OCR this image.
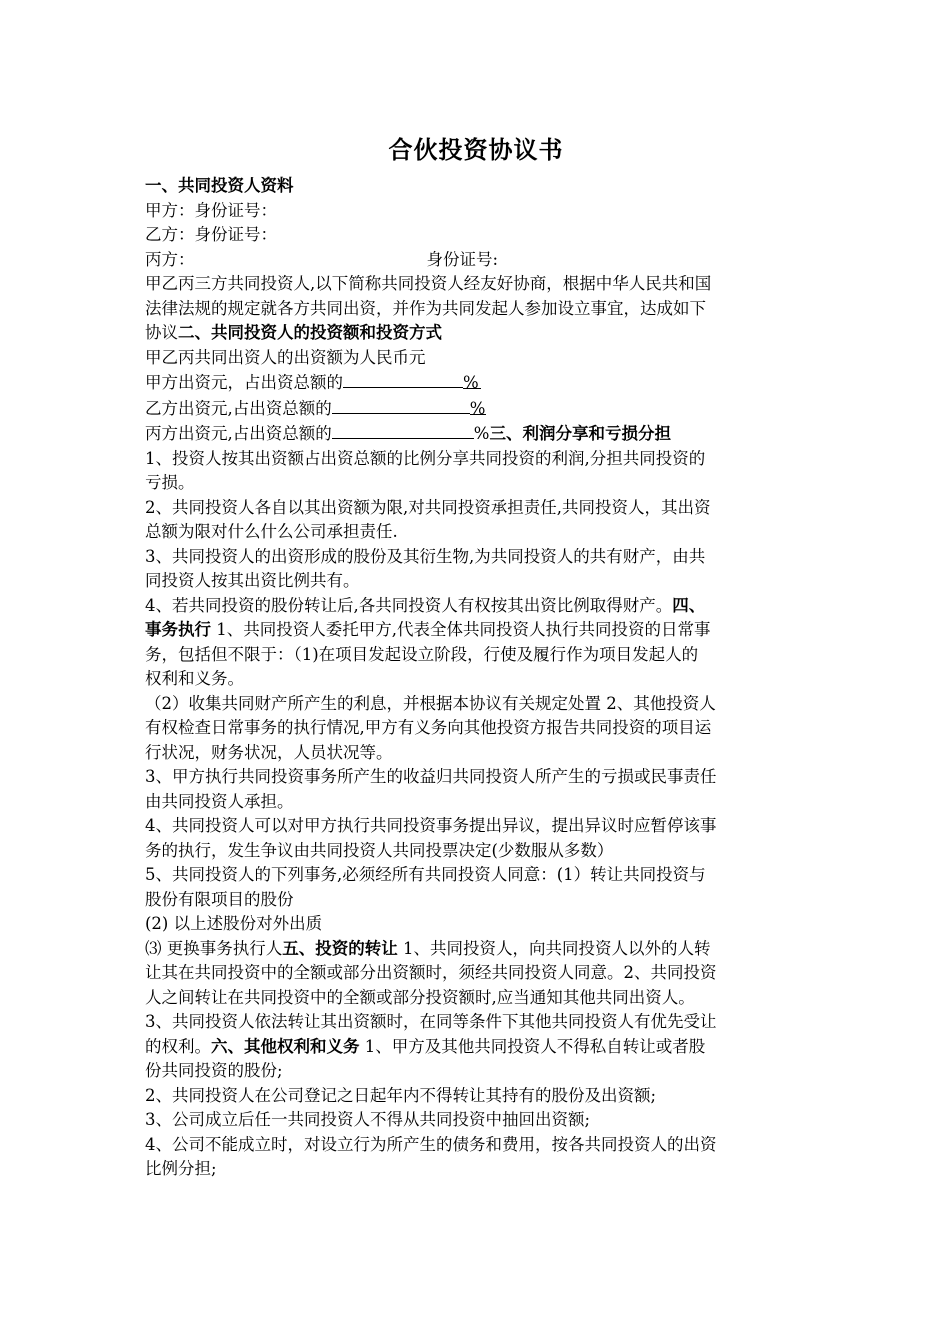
合伙投资协议书
一、共同投资人资料
甲方：身份证号：
乙方：身份证号：
丙方：	身份证号:
甲乙丙三方共同投资人,以下简称共同投资人经友好协商，根据中华人民共和国
法律法规的规定就各方共同出资，并作为共同发起人参加设立事宜，达成如下
协议二、共同投资人的投资额和投资方式
甲乙丙共同出资人的出资额为人民币元
甲方出资元，占出资总额的	%
乙方出资元,占出资总额的	%
丙方出资元,占出资总额的	%三、利润分享和亏损分担
1、投资人按其出资额占出资总额的比例分享共同投资的利润,分担共同投资的
亏损。
2、共同投资人各自以其出资额为限,对共同投资承担责任,共同投资人，其出资
总额为限对什么什么公司承担责任.
3、共同投资人的出资形成的股份及其衍生物,为共同投资人的共有财产，由共
同投资人按其出资比例共有。
4、若共同投资的股份转让后,各共同投资人有权按其出资比例取得财产。四、
事务执行 1、共同投资人委托甲方,代表全体共同投资人执行共同投资的日常事
务，包括但不限于：（1)在项目发起设立阶段，行使及履行作为项目发起人的
权利和义务。
（2）收集共同财产所产生的利息，并根据本协议有关规定处置 2、其他投资人
有权检查日常事务的执行情况,甲方有义务向其他投资方报告共同投资的项目运
行状况，财务状况，人员状况等。
3、甲方执行共同投资事务所产生的收益归共同投资人所产生的亏损或民事责任
由共同投资人承担。
4、共同投资人可以对甲方执行共同投资事务提出异议，提出异议时应暂停该事
务的执行，发生争议由共同投资人共同投票决定(少数服从多数）
5、共同投资人的下列事务,必须经所有共同投资人同意：(1）转让共同投资与
股份有限项目的股份
(2) 以上述股份对外出质
⑶ 更换事务执行人五、投资的转让 1、共同投资人，向共同投资人以外的人转
让其在共同投资中的全额或部分出资额时，须经共同投资人同意。2、共同投资
人之间转让在共同投资中的全额或部分投资额时,应当通知其他共同出资人。
3、共同投资人依法转让其出资额时，在同等条件下其他共同投资人有优先受让
的权利。六、其他权利和义务 1、甲方及其他共同投资人不得私自转让或者股
份共同投资的股份;
2、共同投资人在公司登记之日起年内不得转让其持有的股份及出资额;
3、公司成立后任一共同投资人不得从共同投资中抽回出资额;
4、公司不能成立时，对设立行为所产生的债务和费用，按各共同投资人的出资
比例分担;
